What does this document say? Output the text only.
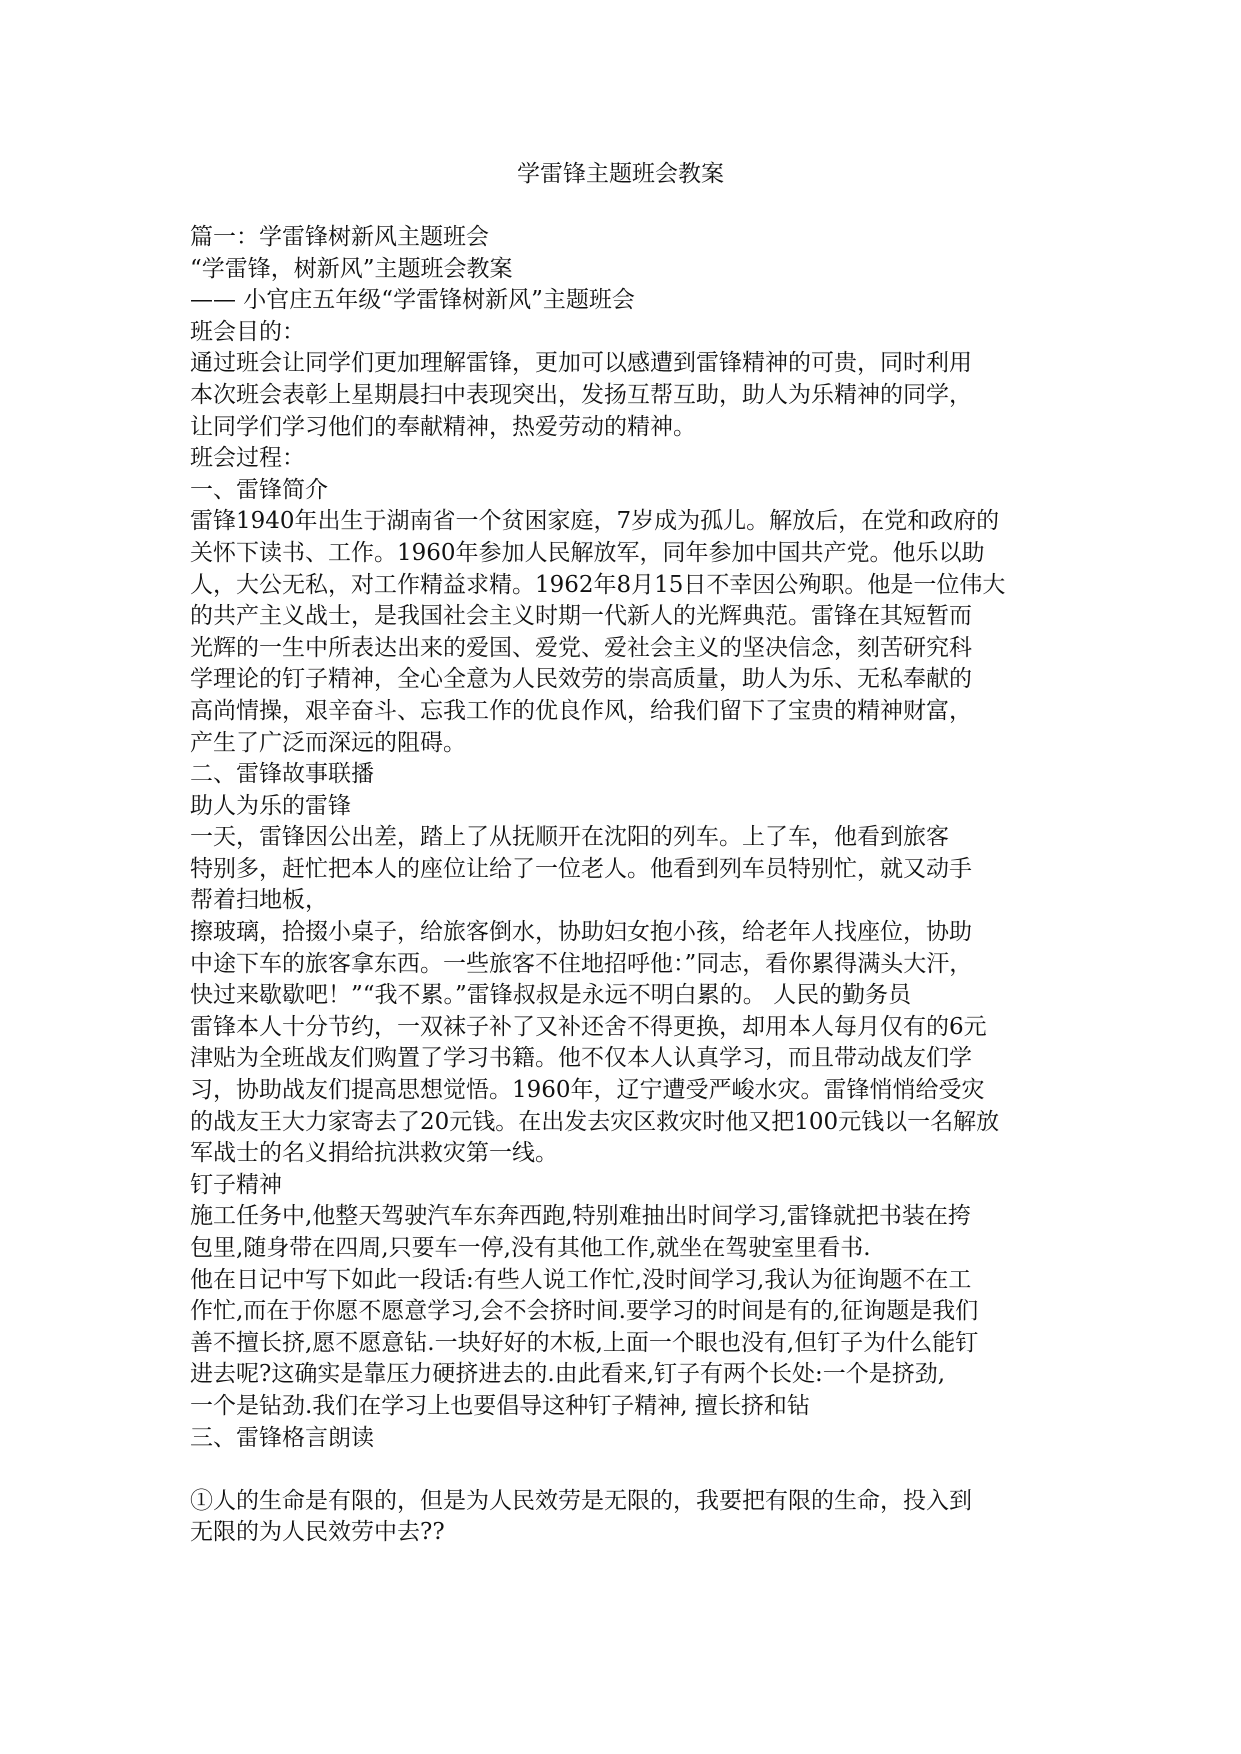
学雷锋主题班会教案
篇一：学雷锋树新风主题班会
“学雷锋，树新风”主题班会教案
—— 小官庄五年级“学雷锋树新风”主题班会
班会目的：
通过班会让同学们更加理解雷锋，更加可以感遭到雷锋精神的可贵，同时利用
本次班会表彰上星期晨扫中表现突出，发扬互帮互助，助人为乐精神的同学，
让同学们学习他们的奉献精神，热爱劳动的精神。
班会过程：
一、雷锋简介
雷锋1940年出生于湖南省一个贫困家庭，7岁成为孤儿。解放后，在党和政府的
关怀下读书、工作。1960年参加人民解放军，同年参加中国共产党。他乐以助
人，大公无私，对工作精益求精。1962年8月15日不幸因公殉职。他是一位伟大
的共产主义战士，是我国社会主义时期一代新人的光辉典范。雷锋在其短暂而
光辉的一生中所表达出来的爱国、爱党、爱社会主义的坚决信念，刻苦研究科
学理论的钉子精神，全心全意为人民效劳的崇高质量，助人为乐、无私奉献的
高尚情操，艰辛奋斗、忘我工作的优良作风，给我们留下了宝贵的精神财富，
产生了广泛而深远的阻碍。
二、雷锋故事联播
助人为乐的雷锋
一天，雷锋因公出差，踏上了从抚顺开在沈阳的列车。上了车，他看到旅客
特别多，赶忙把本人的座位让给了一位老人。他看到列车员特别忙，就又动手
帮着扫地板，
擦玻璃，拾掇小桌子，给旅客倒水，协助妇女抱小孩，给老年人找座位，协助
中途下车的旅客拿东西。一些旅客不住地招呼他：”同志，看你累得满头大汗，
快过来歇歇吧！”“我不累。”雷锋叔叔是永远不明白累的。 人民的勤务员
雷锋本人十分节约，一双袜子补了又补还舍不得更换，却用本人每月仅有的6元
津贴为全班战友们购置了学习书籍。他不仅本人认真学习，而且带动战友们学
习，协助战友们提高思想觉悟。1960年，辽宁遭受严峻水灾。雷锋悄悄给受灾
的战友王大力家寄去了20元钱。在出发去灾区救灾时他又把100元钱以一名解放
军战士的名义捐给抗洪救灾第一线。
钉子精神
施工任务中,他整天驾驶汽车东奔西跑,特别难抽出时间学习,雷锋就把书装在挎
包里,随身带在四周,只要车一停,没有其他工作,就坐在驾驶室里看书.
他在日记中写下如此一段话:有些人说工作忙,没时间学习,我认为征询题不在工
作忙,而在于你愿不愿意学习,会不会挤时间.要学习的时间是有的,征询题是我们
善不擅长挤,愿不愿意钻.一块好好的木板,上面一个眼也没有,但钉子为什么能钉
进去呢?这确实是靠压力硬挤进去的.由此看来,钉子有两个长处:一个是挤劲,
一个是钻劲.我们在学习上也要倡导这种钉子精神, 擅长挤和钻
三、雷锋格言朗读
①人的生命是有限的，但是为人民效劳是无限的，我要把有限的生命，投入到
无限的为人民效劳中去??
